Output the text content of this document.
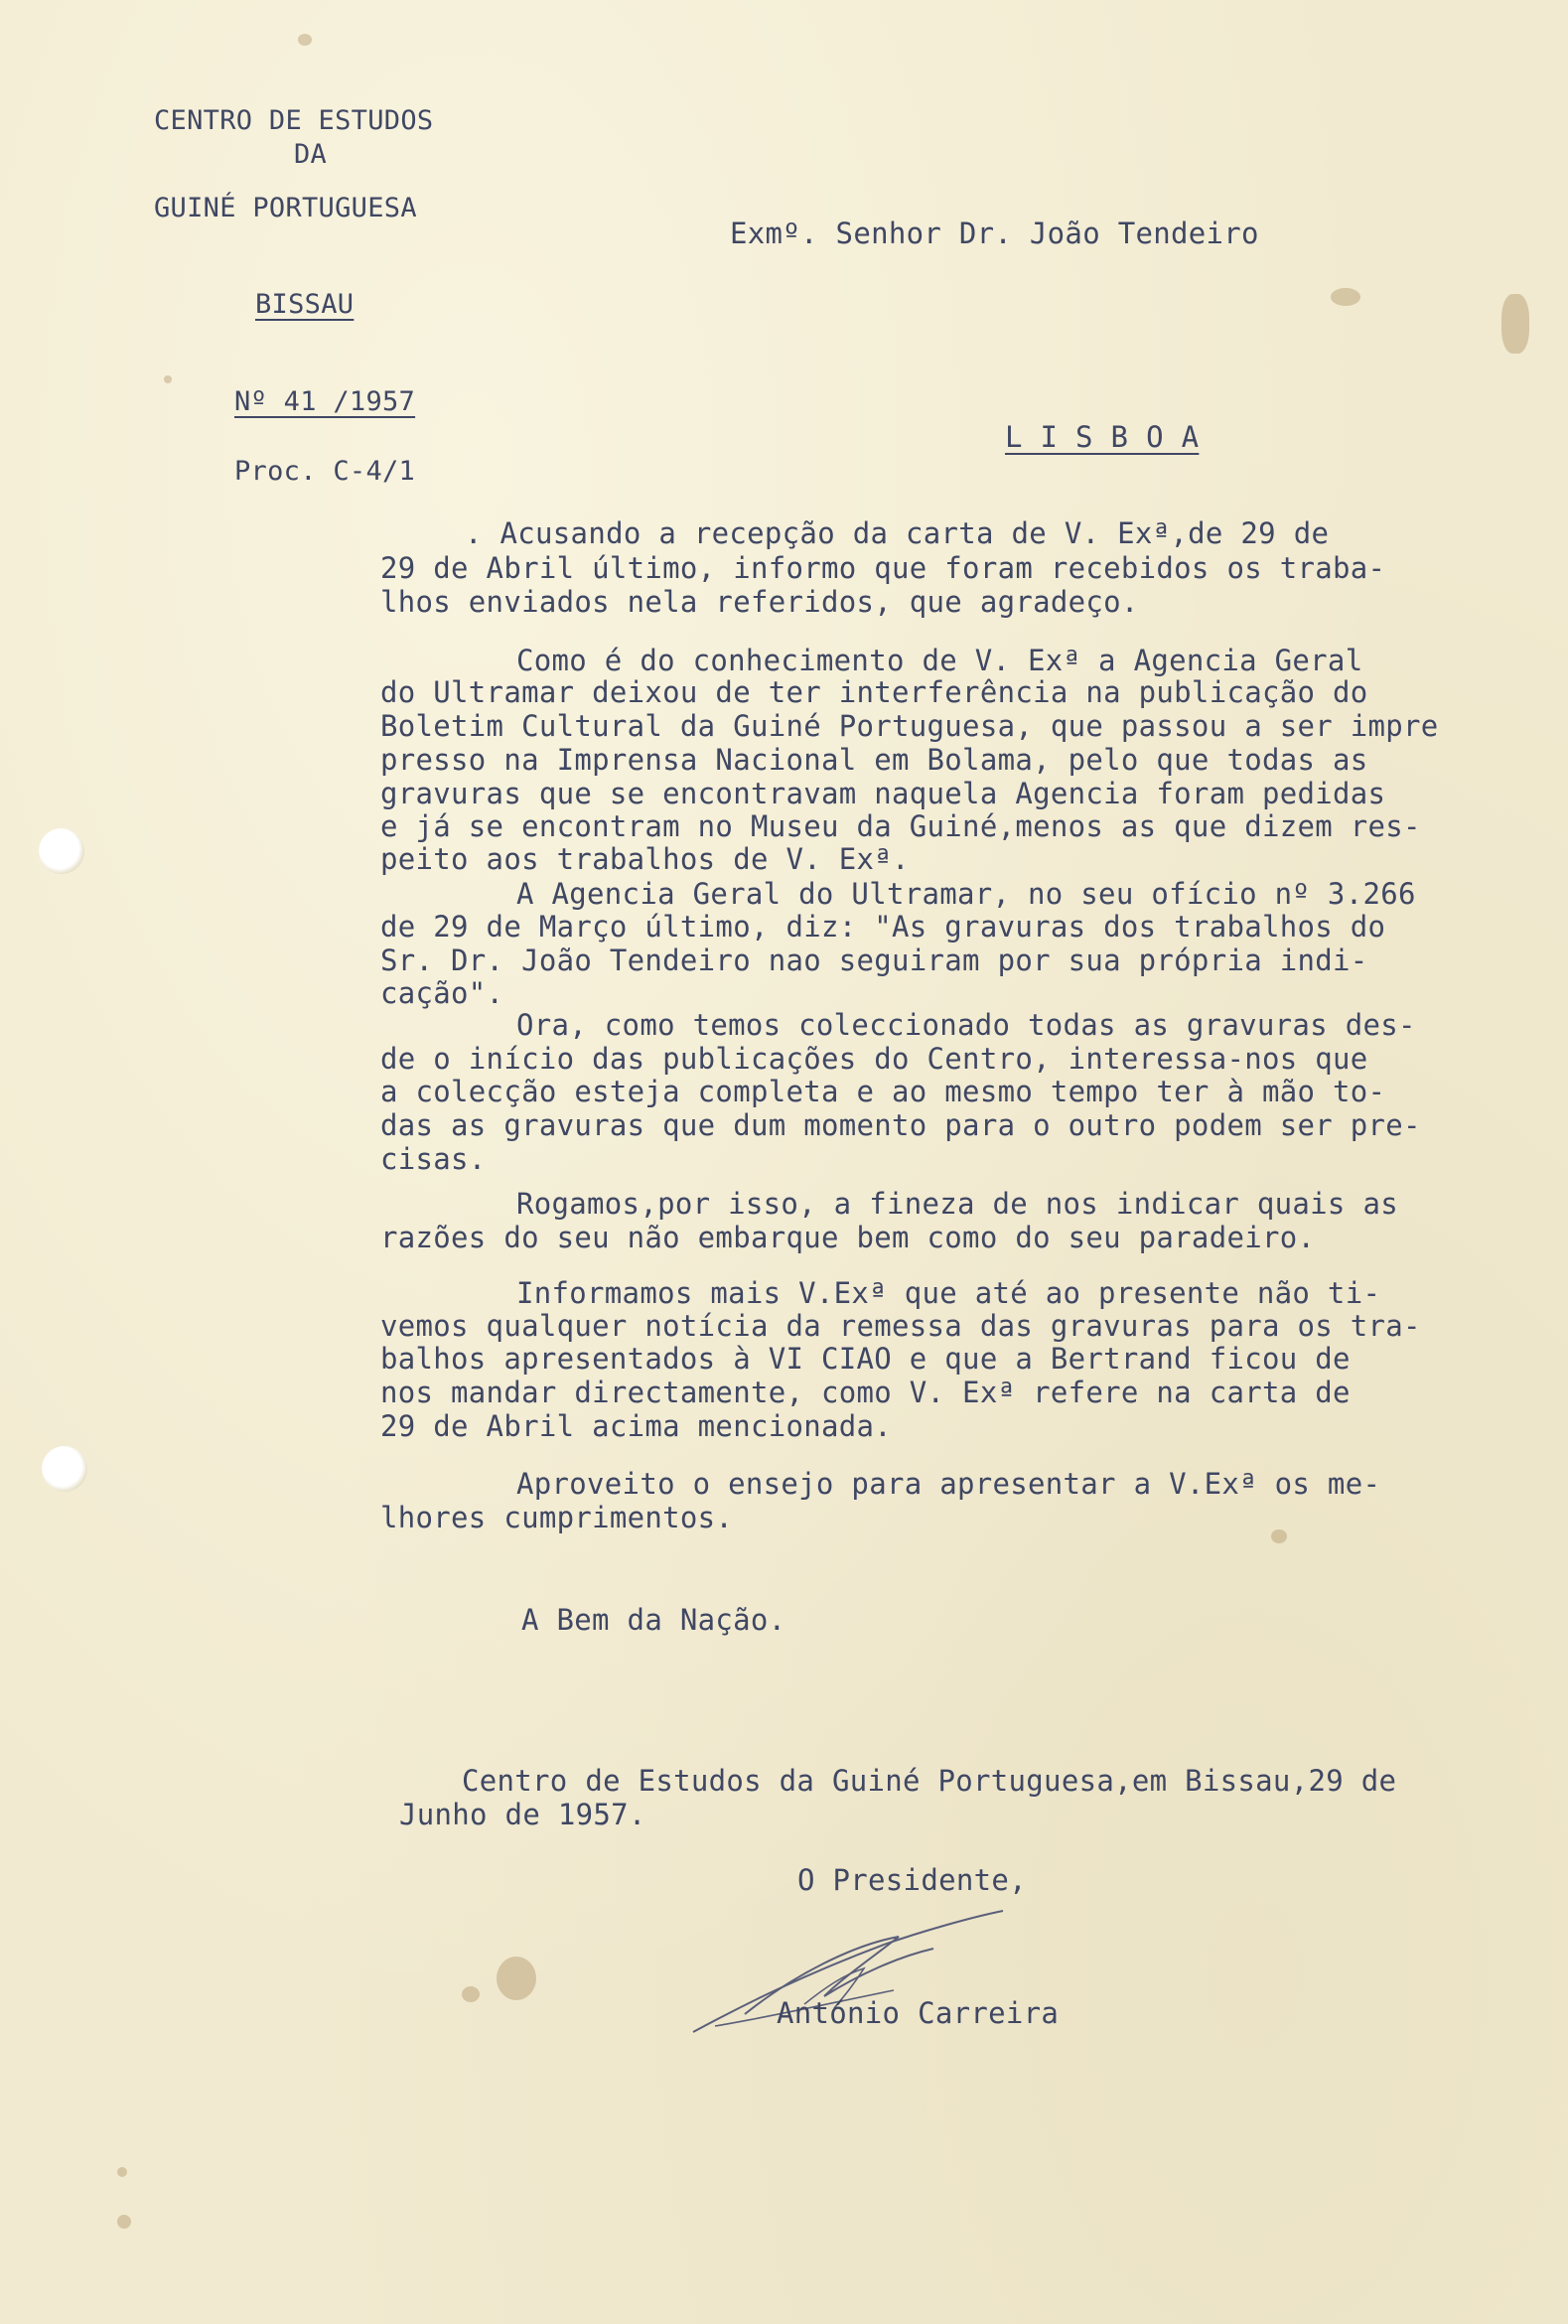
CENTRO DE ESTUDOS
DA
GUINÉ PORTUGUESA
BISSAU
Nº 41 /1957
Proc. C-4/1
Exmº. Senhor Dr. João Tendeiro
L I S B O A
. Acusando a recepção da carta de V. Exª,de 29 de
29 de Abril último, informo que foram recebidos os traba-
lhos enviados nela referidos, que agradeço.
Como é do conhecimento de V. Exª a Agencia Geral
do Ultramar deixou de ter interferência na publicação do
Boletim Cultural da Guiné Portuguesa, que passou a ser impre
presso na Imprensa Nacional em Bolama, pelo que todas as
gravuras que se encontravam naquela Agencia foram pedidas
e já se encontram no Museu da Guiné,menos as que dizem res-
peito aos trabalhos de V. Exª.
A Agencia Geral do Ultramar, no seu ofício nº 3.266
de 29 de Março último, diz: "As gravuras dos trabalhos do
Sr. Dr. João Tendeiro nao seguiram por sua própria indi-
cação".
Ora, como temos coleccionado todas as gravuras des-
de o início das publicações do Centro, interessa-nos que
a colecção esteja completa e ao mesmo tempo ter à mão to-
das as gravuras que dum momento para o outro podem ser pre-
cisas.
Rogamos,por isso, a fineza de nos indicar quais as
razões do seu não embarque bem como do seu paradeiro.
Informamos mais V.Exª que até ao presente não ti-
vemos qualquer notícia da remessa das gravuras para os tra-
balhos apresentados à VI CIAO e que a Bertrand ficou de
nos mandar directamente, como V. Exª refere na carta de
29 de Abril acima mencionada.
Aproveito o ensejo para apresentar a V.Exª os me-
lhores cumprimentos.
A Bem da Nação.
Centro de Estudos da Guiné Portuguesa,em Bissau,29 de
Junho de 1957.
O Presidente,
António Carreira
